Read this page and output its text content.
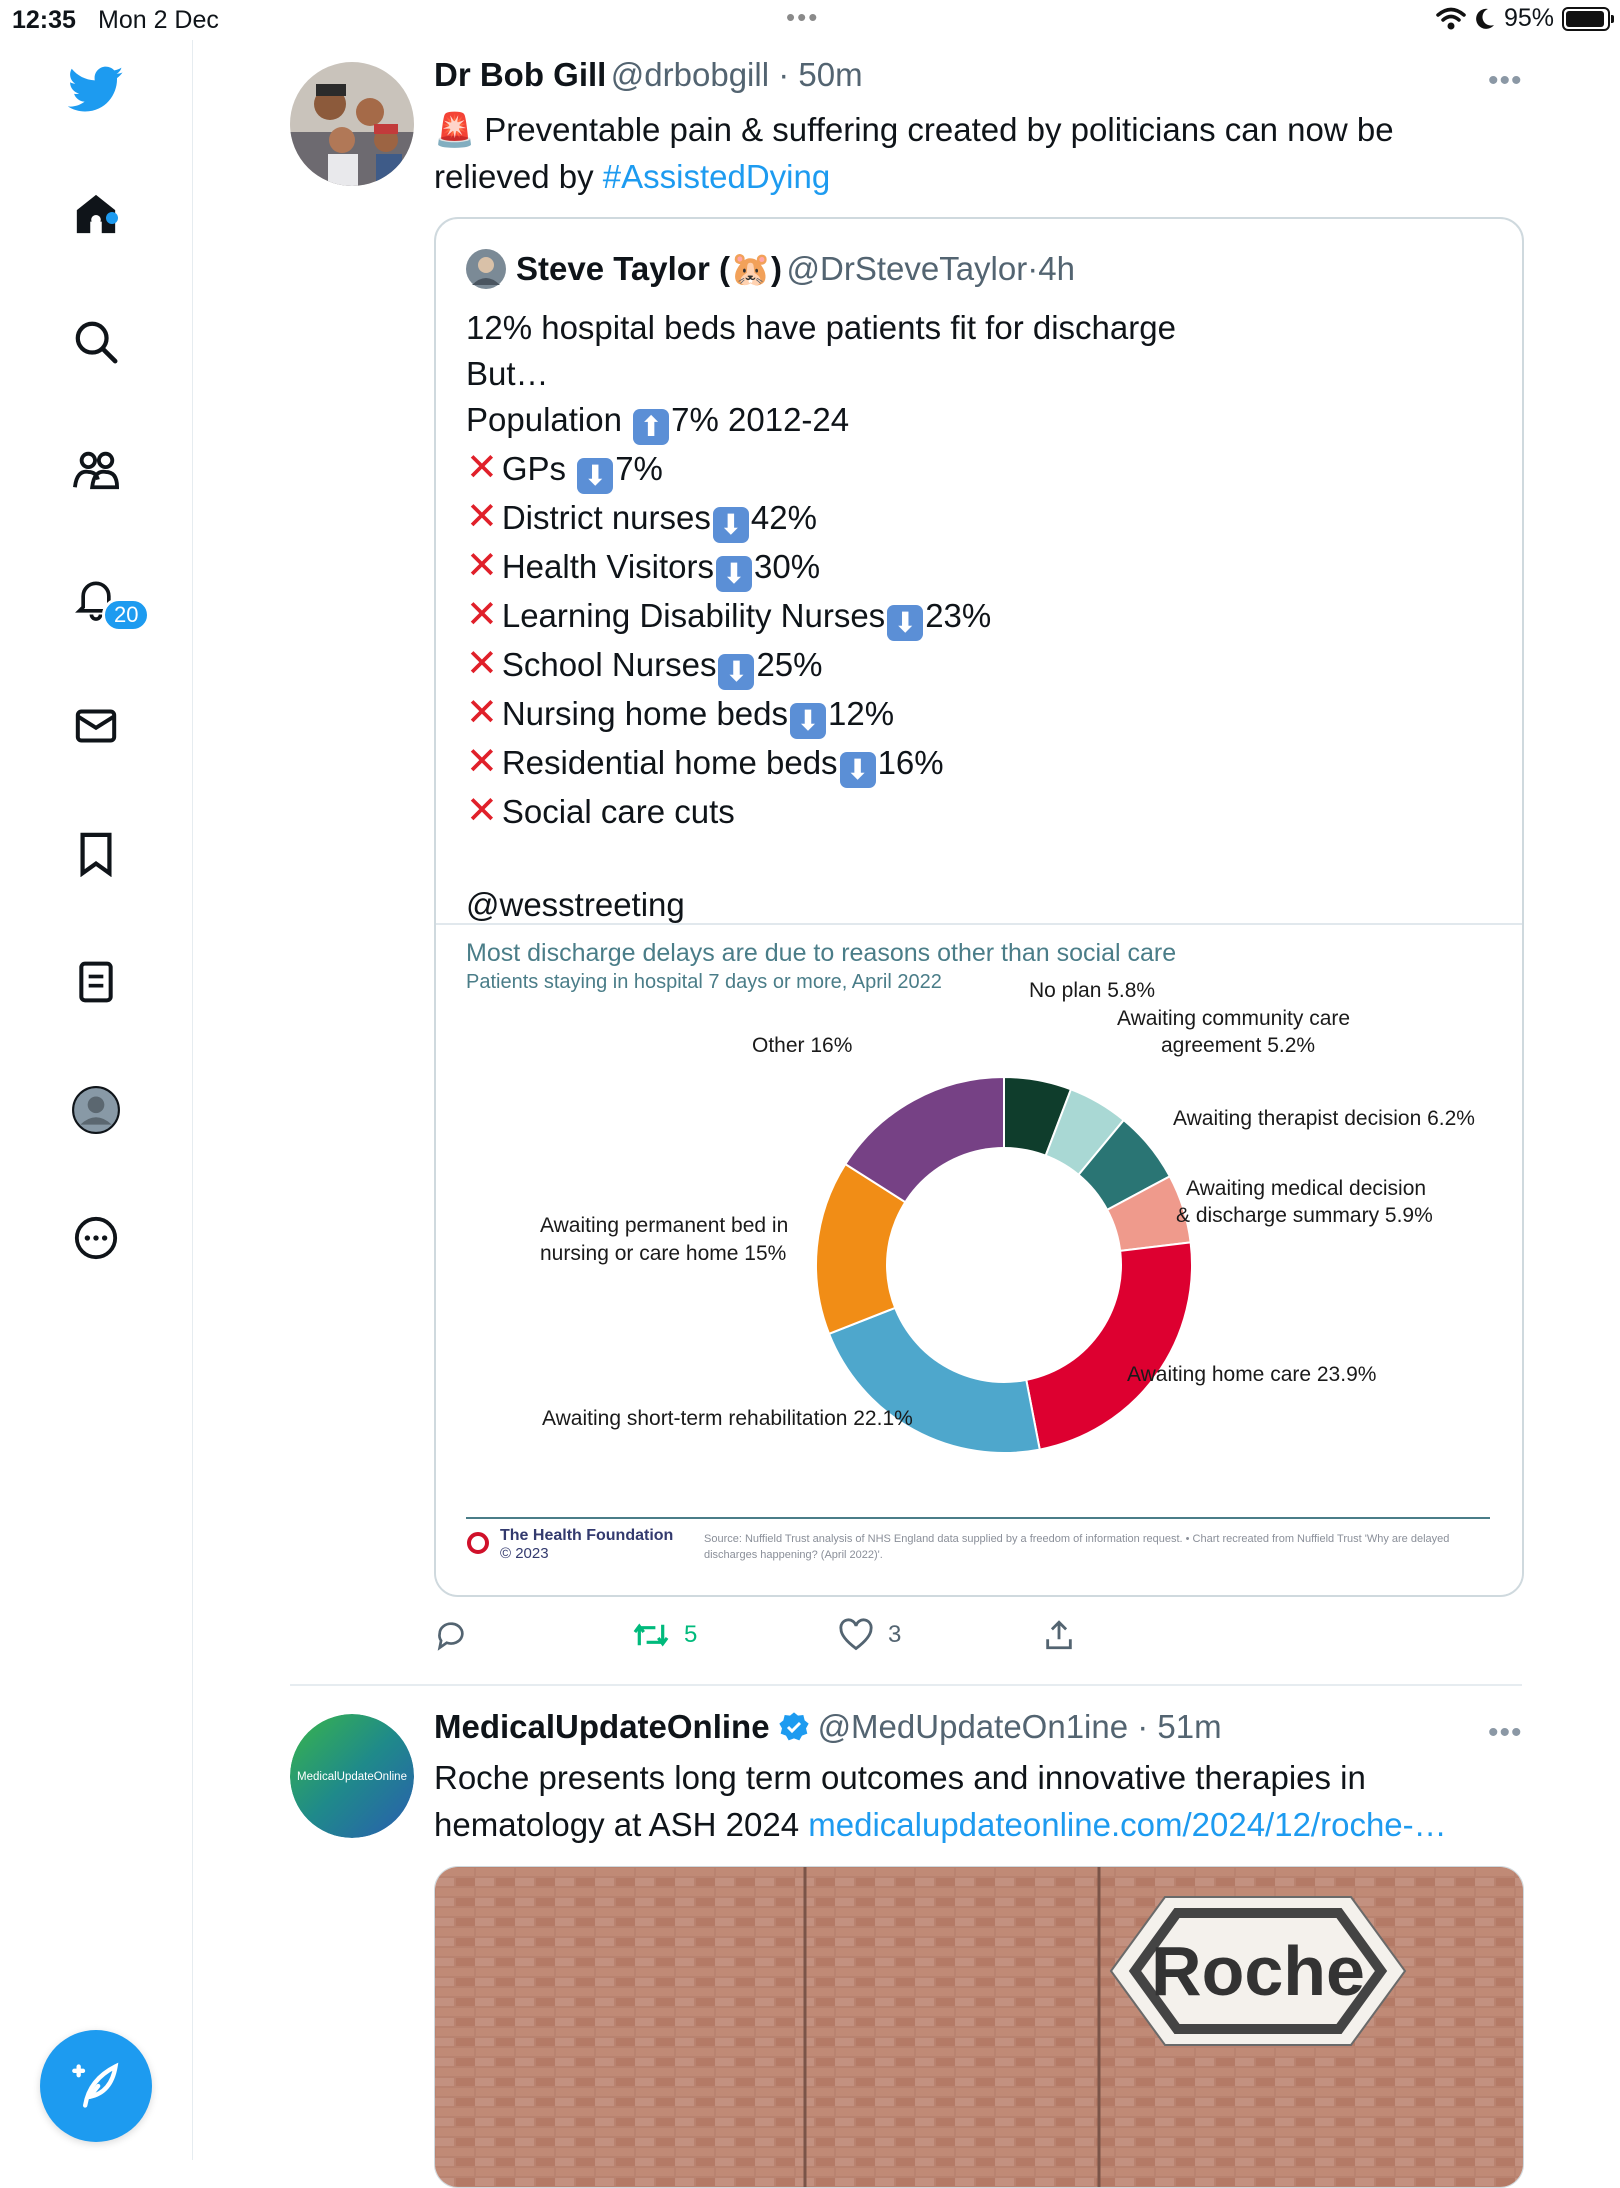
12:35 Mon 2 Dec	•••	95%
20
Dr Bob Gill @drbobgill · 50m	•••
🚨 Preventable pain & suffering created by politicians can now be
relieved by #AssistedDying
Steve Taylor (🐹)
@DrSteveTaylor · 4h
12% hospital beds have patients fit for discharge
But…
Population ⬆ 7% 2012-24
✕ GPs ⬇ 7%
✕ District nurses ⬇ 42%
✕ Health Visitors ⬇ 30%
✕ Learning Disability Nurses ⬇ 23%
✕ School Nurses ⬇ 25%
✕ Nursing home beds ⬇ 12%
✕ Residential home beds ⬇ 16%
✕ Social care cuts

@wesstreeting
Most discharge delays are due to reasons other than social care
Patients staying in hospital 7 days or more, April 2022	No plan 5.8%
Awaiting community care
agreement 5.2%
Awaiting therapist decision 6.2%
Awaiting medical decision
& discharge summary 5.9%
Awaiting home care 23.9%
Awaiting short-term rehabilitation 22.1%
Awaiting permanent bed in
nursing or care home 15%
Other 16%
The Health Foundation
© 2023
Source: Nuffield Trust analysis of NHS England data supplied by a freedom of information request. • Chart recreated from Nuffield Trust 'Why are delayed discharges happening? (April 2022)'.
5	3
MedicalUpdateOnline
MedicalUpdateOnline @MedUpdateOn1ine · 51m	•••
Roche presents long term outcomes and innovative therapies in
hematology at ASH 2024 medicalupdateonline.com/2024/12/roche-…
Roche
